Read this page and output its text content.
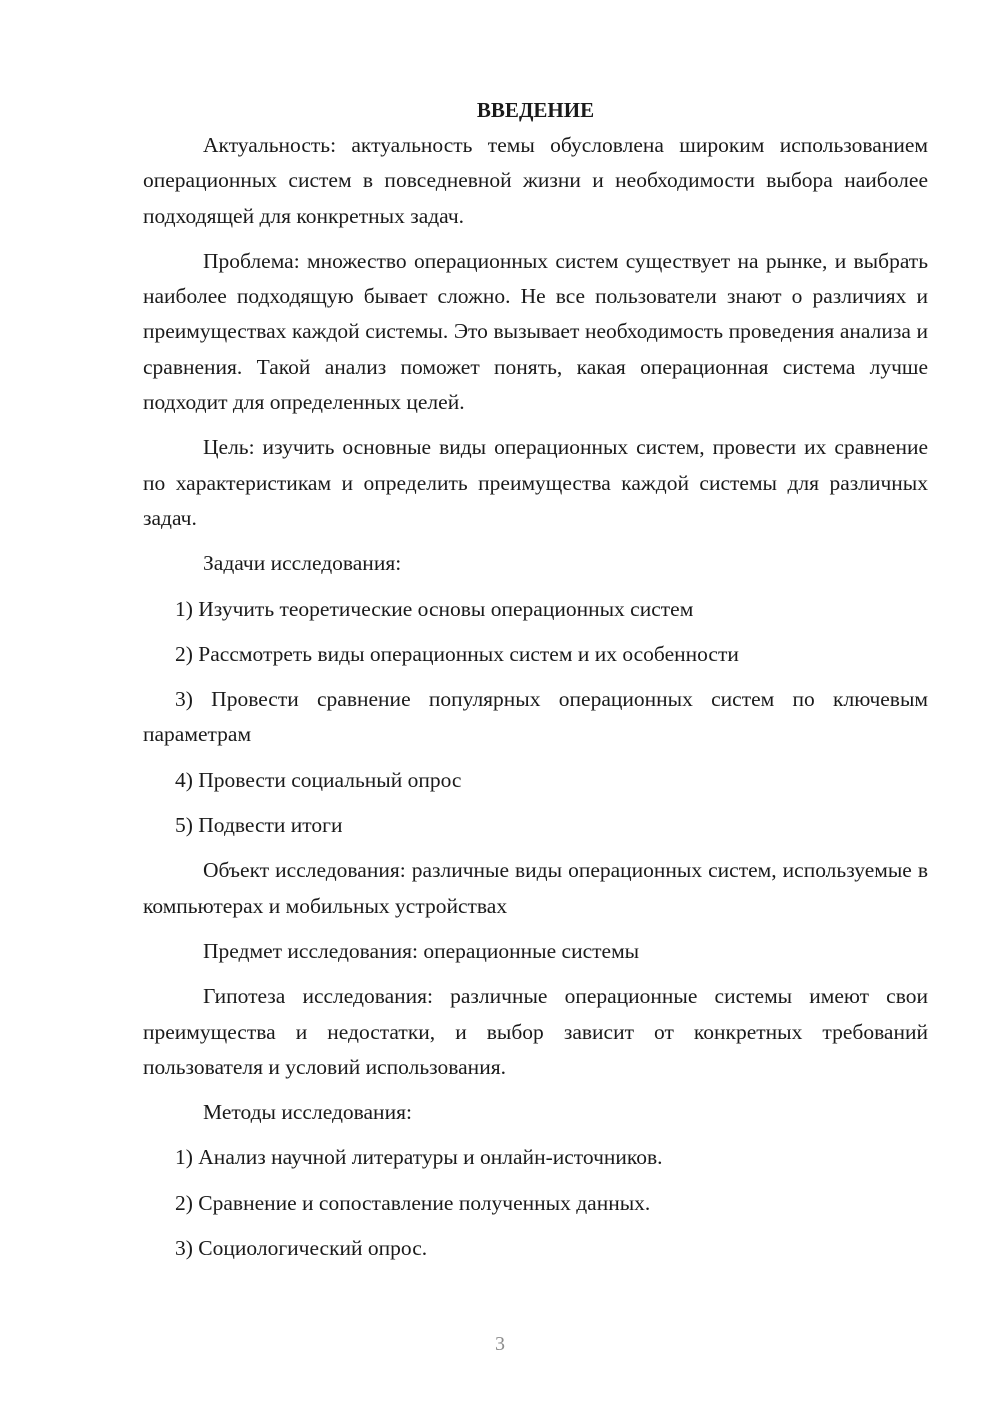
ВВЕДЕНИЕ

Актуальность: актуальность темы обусловлена широким использованием операционных систем в повседневной жизни и необходимости выбора наиболее подходящей для конкретных задач.

Проблема: множество операционных систем существует на рынке, и выбрать наиболее подходящую бывает сложно. Не все пользователи знают о различиях и преимуществах каждой системы. Это вызывает необходимость проведения анализа и сравнения. Такой анализ поможет понять, какая операционная система лучше подходит для определенных целей.

Цель: изучить основные виды операционных систем, провести их сравнение по характеристикам и определить преимущества каждой системы для различных задач.

Задачи исследования:

1) Изучить теоретические основы операционных систем

2) Рассмотреть виды операционных систем и их особенности

3) Провести сравнение популярных операционных систем по ключевым параметрам

4) Провести социальный опрос

5) Подвести итоги

Объект исследования: различные виды операционных систем, используемые в компьютерах и мобильных устройствах

Предмет исследования: операционные системы

Гипотеза исследования: различные операционные системы имеют свои преимущества и недостатки, и выбор зависит от конкретных требований пользователя и условий использования.

Методы исследования:

1) Анализ научной литературы и онлайн-источников.

2) Сравнение и сопоставление полученных данных.

3) Социологический опрос.

3
